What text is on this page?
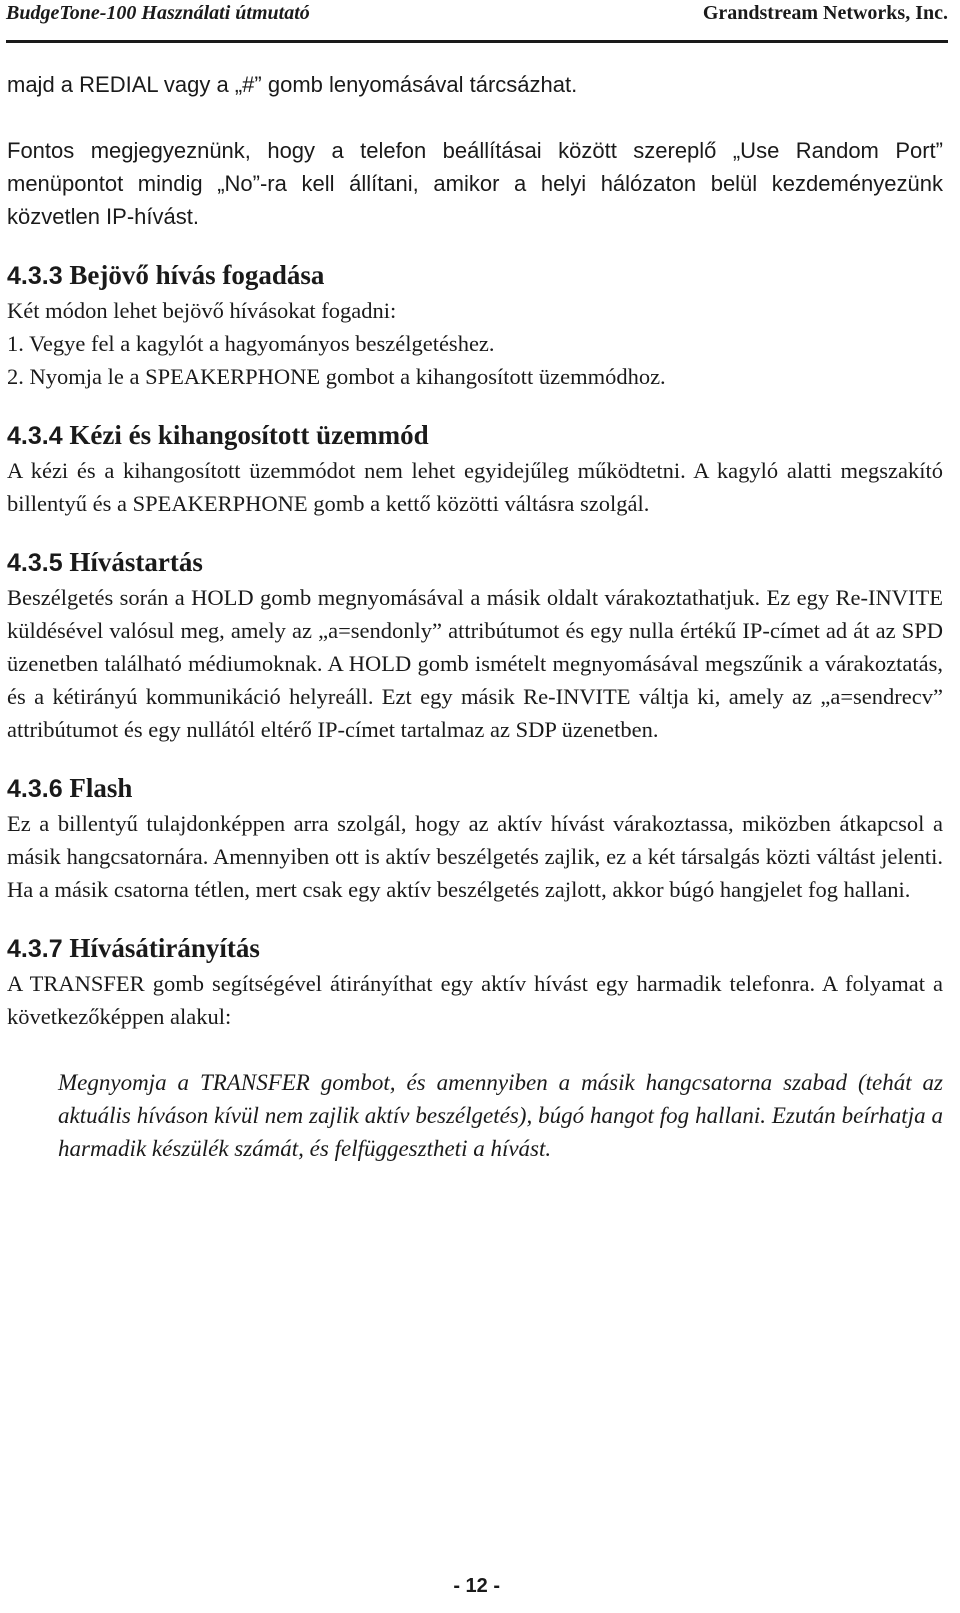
BudgeTone-100 Használati útmutató	Grandstream Networks, Inc.

majd a REDIAL vagy a „#” gomb lenyomásával tárcsázhat.

Fontos megjegyeznünk, hogy a telefon beállításai között szereplő „Use Random Port” menüpontot mindig „No”-ra kell állítani, amikor a helyi hálózaton belül kezdeményezünk közvetlen IP-hívást.

4.3.3 Bejövő hívás fogadása

Két módon lehet bejövő hívásokat fogadni:

1. Vegye fel a kagylót a hagyományos beszélgetéshez.

2. Nyomja le a SPEAKERPHONE gombot a kihangosított üzemmódhoz.

4.3.4 Kézi és kihangosított üzemmód

A kézi és a kihangosított üzemmódot nem lehet egyidejűleg működtetni. A kagyló alatti megszakító billentyű és a SPEAKERPHONE gomb a kettő közötti váltásra szolgál.

4.3.5 Hívástartás

Beszélgetés során a HOLD gomb megnyomásával a másik oldalt várakoztathatjuk. Ez egy Re-INVITE küldésével valósul meg, amely az „a=sendonly” attribútumot és egy nulla értékű IP-címet ad át az SPD üzenetben található médiumoknak. A HOLD gomb ismételt megnyomásával megszűnik a várakoztatás, és a kétirányú kommunikáció helyreáll. Ezt egy másik Re-INVITE váltja ki, amely az „a=sendrecv” attribútumot és egy nullától eltérő IP-címet tartalmaz az SDP üzenetben.

4.3.6 Flash

Ez a billentyű tulajdonképpen arra szolgál, hogy az aktív hívást várakoztassa, miközben átkapcsol a másik hangcsatornára. Amennyiben ott is aktív beszélgetés zajlik, ez a két társalgás közti váltást jelenti. Ha a másik csatorna tétlen, mert csak egy aktív beszélgetés zajlott, akkor búgó hangjelet fog hallani.

4.3.7 Hívásátirányítás

A TRANSFER gomb segítségével átirányíthat egy aktív hívást egy harmadik telefonra. A folyamat a következőképpen alakul:

Megnyomja a TRANSFER gombot, és amennyiben a másik hangcsatorna szabad (tehát az aktuális híváson kívül nem zajlik aktív beszélgetés), búgó hangot fog hallani. Ezután beírhatja a harmadik készülék számát, és felfüggesztheti a hívást.

- 12 -
